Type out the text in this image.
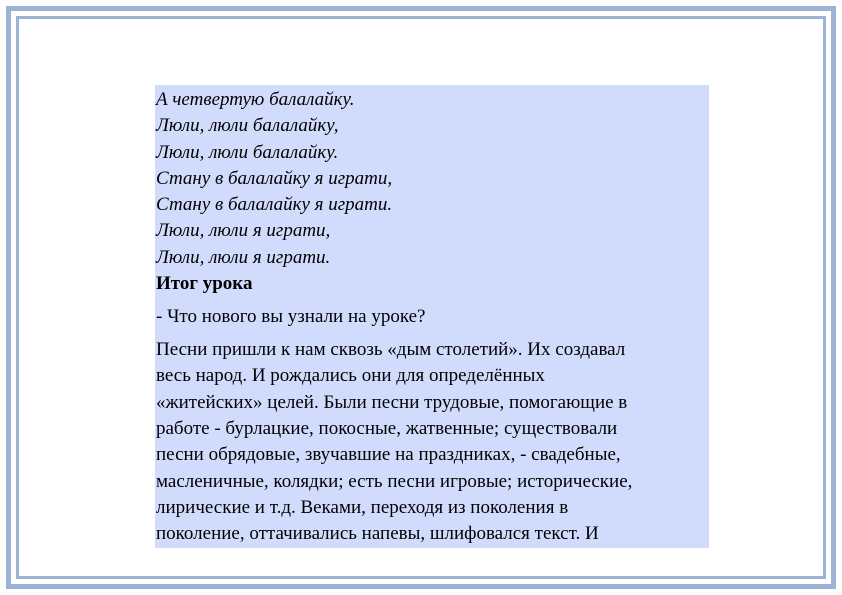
А четвертую балалайку.

Люли, люли балалайку,

Люли, люли балалайку.

Стану в балалайку я играти,

Стану в балалайку я играти.

Люли, люли я играти,

Люли, люли я играти.

Итог урока

- Что нового вы узнали на уроке?

Песни пришли к нам сквозь «дым столетий». Их создавал
весь народ. И рождались они для определённых
«житейских» целей. Были песни трудовые, помогающие в
работе - бурлацкие, покосные, жатвенные; существовали
песни обрядовые, звучавшие на праздниках, - свадебные,
масленичные, колядки; есть песни игровые; исторические,
лирические и т.д. Веками, переходя из поколения в
поколение, оттачивались напевы, шлифовался текст. И
